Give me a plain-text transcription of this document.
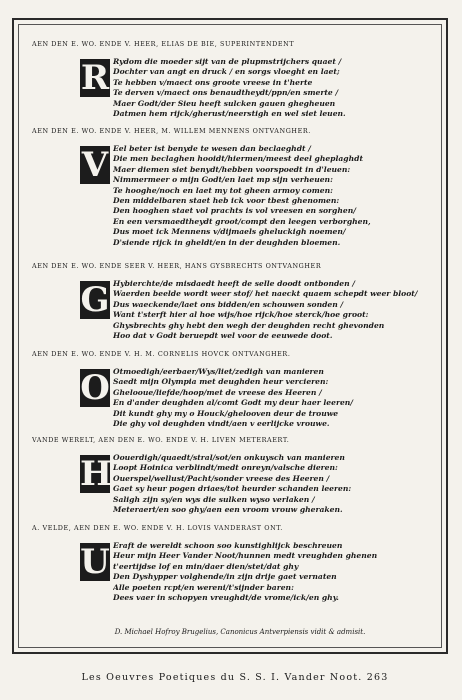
AEN DEN E. WO. ENDE V. HEER, ELIAS DE BIE, SUPERINTENDENT
R Rydom die moeder sijt van de plupmstrijchers quaet /
Dochter van angt en druck / en sorgs vloeght en laet;
Te hebben v/maect ons groote vreese in t'herte
Te derven v/maect ons benaudtheydt/ppn/en smerte /
Maer Godt/der Sieu heeft sulcken gauen ghegheuen
Datmen hem rijck/gherust/neerstigh en wel siet leuen.
AEN DEN E. WO. ENDE V. HEER, M. WILLEM MENNENS ONTVANGHER.
V Eel beter ist benyde te wesen dan beclaeghdt /
Die men beclaghen hooidt/hiermen/meest deel gheplaghdt
Maer diemen siet benydt/hebben voorspoedt in d'leuen:
Nimmermeer o mijn Godt/en laet mp sijn verheuen:
Te hooghe/noch en laet my tot gheen armoy comen:
Den middelbaren staet heb ick voor tbest ghenomen:
Den hooghen staet vol prachts is vol vreesen en sorghen/
En een versmaedtheydt groot/compt den leegen verborghen,
Dus moet ick Mennens v/dijmaels gheluckigh noemen/
D'siende rijck in gheldt/en in der deughden bloemen.
AEN DEN E. WO. ENDE SEER V. HEER, HANS GYSBRECHTS ONTVANGHER
G Hybierchte/de misdaedt heeft de selle doodt ontbonden /
Waerden beelde wordt weer stof/ het naeckt quaem schepdt weer bloot/
Dus waeckende/laet ons bidden/en schouwen sonden /
Want t'sterft hier al hoe wijs/hoe rijck/hoe sterck/hoe groot:
Ghysbrechts ghy hebt den wegh der deughden recht ghevonden
Hoo dat v Godt beruepdt wel voor de eeuwede doot.
AEN DEN E. WO. ENDE V. H. M. CORNELIS HOVCK ONTVANGHER.
O Otmoedigh/eerbaer/Wys/liet/zedigh van manieren
Saedt mijn Olympia met deughden heur vercieren:
Ghelooue/liefde/hoop/met de vreese des Heeren /
En d'ander deughden al/comt Godt my deur haer leeren/
Dit kundt ghy my o Houck/ghelooven deur de trouwe
Die ghy vol deughden vindt/aen v eerlijcke vrouwe.
VANDE WERELT, AEN DEN E. WO. ENDE V. H. LIVEN METERAERT.
H Oouerdigh/quaedt/stral/sot/en onkuysch van manieren
Loopt Hoinica verblindt/medt onreyn/valsche dieren:
Ouerspel/wellust/Pacht/sonder vreese des Heeren /
Gaet sy heur pogen driaes/tot heurder schanden leeren:
Saligh zijn sy/en wys die sulken wyso verlaken /
Meteraert/en soo ghy/aen een vroom vrouw gheraken.
A. VELDE, AEN DEN E. WO. ENDE V. H. LOVIS VANDERAST ONT.
U Eraft de wereldt schoon soo kunstighlijck beschreuen
Heur mijn Heer Vander Noot/hunnen medt vreughden ghenen
t'eertijdse lof en min/daer dien/stet/dat ghy
Den Dyshypper volghende/in zijn drije gaet vernaten
Alle poeten rcpt/en wereni/t'sijnder baren:
Dees vaer in schopyen vreughdt/de vrome/ick/en ghy.
D. Michael Hofroy Brugelius, Canonicus Antverpiensis vidit & admisit.
Les Oeuvres Poetiques du S. S. I. Vander Noot. 263
